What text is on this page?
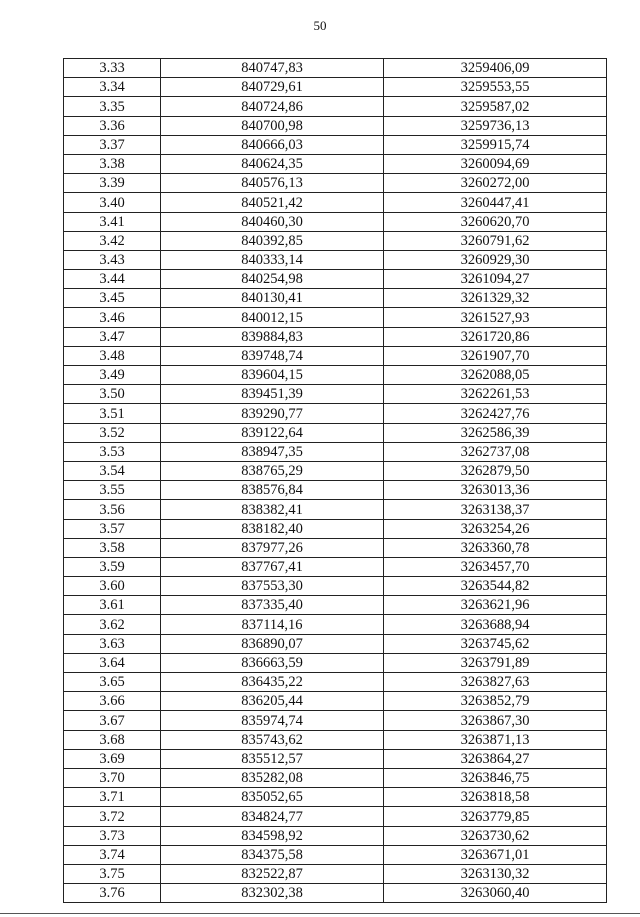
50
3.33	840747,83	3259406,09
3.34	840729,61	3259553,55
3.35	840724,86	3259587,02
3.36	840700,98	3259736,13
3.37	840666,03	3259915,74
3.38	840624,35	3260094,69
3.39	840576,13	3260272,00
3.40	840521,42	3260447,41
3.41	840460,30	3260620,70
3.42	840392,85	3260791,62
3.43	840333,14	3260929,30
3.44	840254,98	3261094,27
3.45	840130,41	3261329,32
3.46	840012,15	3261527,93
3.47	839884,83	3261720,86
3.48	839748,74	3261907,70
3.49	839604,15	3262088,05
3.50	839451,39	3262261,53
3.51	839290,77	3262427,76
3.52	839122,64	3262586,39
3.53	838947,35	3262737,08
3.54	838765,29	3262879,50
3.55	838576,84	3263013,36
3.56	838382,41	3263138,37
3.57	838182,40	3263254,26
3.58	837977,26	3263360,78
3.59	837767,41	3263457,70
3.60	837553,30	3263544,82
3.61	837335,40	3263621,96
3.62	837114,16	3263688,94
3.63	836890,07	3263745,62
3.64	836663,59	3263791,89
3.65	836435,22	3263827,63
3.66	836205,44	3263852,79
3.67	835974,74	3263867,30
3.68	835743,62	3263871,13
3.69	835512,57	3263864,27
3.70	835282,08	3263846,75
3.71	835052,65	3263818,58
3.72	834824,77	3263779,85
3.73	834598,92	3263730,62
3.74	834375,58	3263671,01
3.75	832522,87	3263130,32
3.76	832302,38	3263060,40
